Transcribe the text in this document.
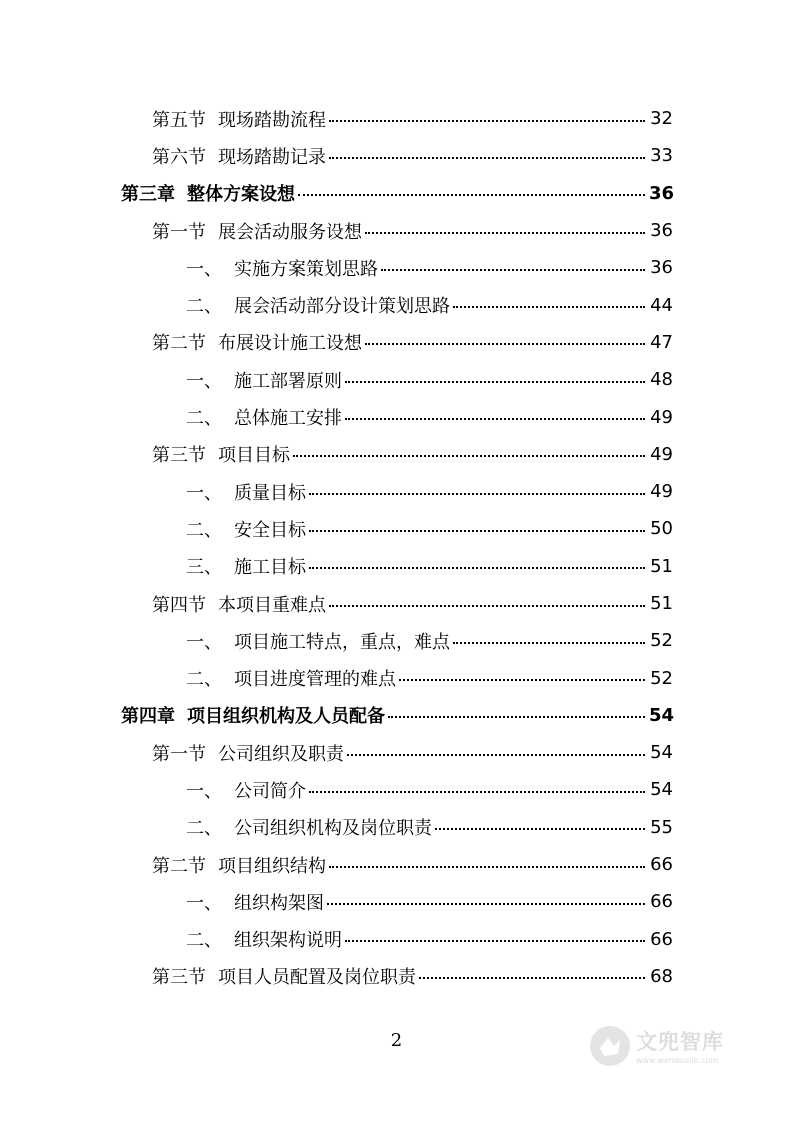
第五节 现场踏勘流程	32
第六节 现场踏勘记录	33
第三章 整体方案设想	36
第一节 展会活动服务设想	36
一、 实施方案策划思路	36
二、 展会活动部分设计策划思路	44
第二节 布展设计施工设想	47
一、 施工部署原则	48
二、 总体施工安排	49
第三节 项目目标	49
一、 质量目标	49
二、 安全目标	50
三、 施工目标	51
第四节 本项目重难点	51
一、 项目施工特点，重点，难点	52
二、 项目进度管理的难点	52
第四章 项目组织机构及人员配备	54
第一节 公司组织及职责	54
一、 公司简介	54
二、 公司组织机构及岗位职责	55
第二节 项目组织结构	66
一、 组织构架图	66
二、 组织架构说明	66
第三节 项目人员配置及岗位职责	68
2	文兜智库
www.wendoulib.com
